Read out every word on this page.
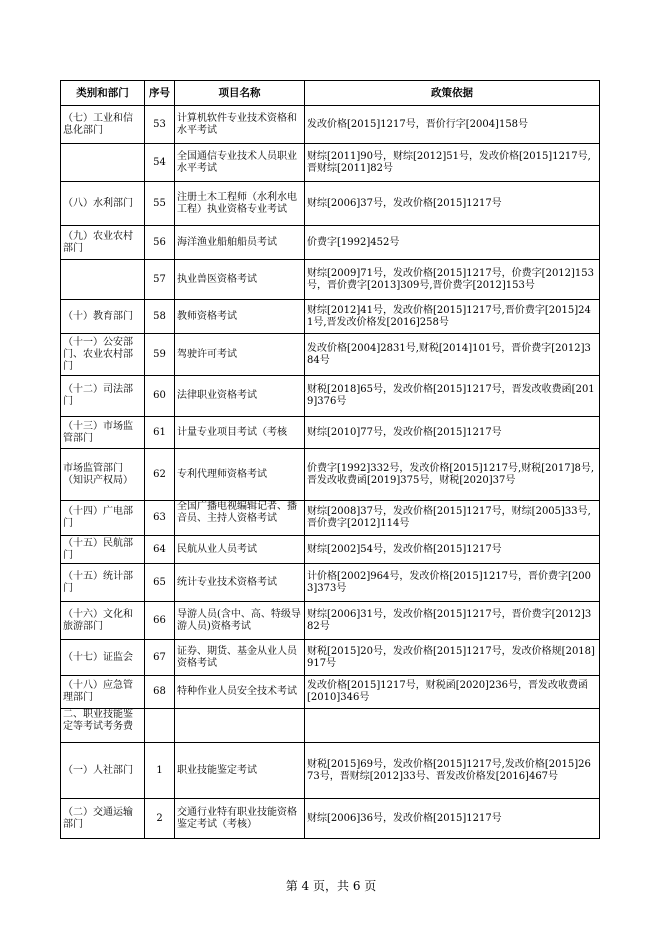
类别和部门	序号	项目名称	政策依据
（七）工业和信息化部门	53	计算机软件专业技术资格和水平考试	发改价格[2015]1217号，晋价行字[2004]158号
	54	全国通信专业技术人员职业水平考试	财综[2011]90号，财综[2012]51号，发改价格[2015]1217号,晋财综[2011]82号
（八）水利部门	55	注册土木工程师（水利水电工程）执业资格专业考试	财综[2006]37号，发改价格[2015]1217号
（九）农业农村部门	56	海洋渔业船舶船员考试	价费字[1992]452号
	57	执业兽医资格考试	财综[2009]71号，发改价格[2015]1217号，价费字[2012]153号，晋价费字[2013]309号,晋价费字[2012]153号
（十）教育部门	58	教师资格考试	财综[2012]41号，发改价格[2015]1217号,晋价费字[2015]241号,晋发改价格发[2016]258号
（十一）公安部门、农业农村部门	59	驾驶许可考试	发改价格[2004]2831号,财税[2014]101号，晋价费字[2012]384号
（十二）司法部门	60	法律职业资格考试	财税[2018]65号，发改价格[2015]1217号，晋发改收费函[2019]376号
（十三）市场监管部门	61	计量专业项目考试（考核	财综[2010]77号，发改价格[2015]1217号
市场监管部门（知识产权局）	62	专利代理师资格考试	价费字[1992]332号，发改价格[2015]1217号,财税[2017]8号,晋发改收费函[2019]375号，财税[2020]37号
（十四）广电部门	63	全国广播电视编辑记者、播音员、主持人资格考试	财综[2008]37号，发改价格[2015]1217号，财综[2005]33号,晋价费字[2012]114号
（十五）民航部门	64	民航从业人员考试	财综[2002]54号，发改价格[2015]1217号
（十五）统计部门	65	统计专业技术资格考试	计价格[2002]964号，发改价格[2015]1217号，晋价费字[2003]373号
（十六）文化和旅游部门	66	导游人员(含中、高、特级导游人员)资格考试	财综[2006]31号，发改价格[2015]1217号，晋价费字[2012]382号
（十七）证监会	67	证券、期货、基金从业人员资格考试	财税[2015]20号，发改价格[2015]1217号，发改价格规[2018]917号
（十八）应急管理部门	68	特种作业人员安全技术考试	发改价格[2015]1217号，财税函[2020]236号，晋发改收费函[2010]346号

二、职业技能鉴定等考试考务费			

（一）人社部门	1	职业技能鉴定考试	财税[2015]69号，发改价格[2015]1217号,发改价格[2015]2673号，晋财综[2012]33号、晋发改价格发[2016]467号
（二）交通运输部门	2	交通行业特有职业技能资格鉴定考试（考核）	财综[2006]36号，发改价格[2015]1217号
第 4 页，共 6 页
